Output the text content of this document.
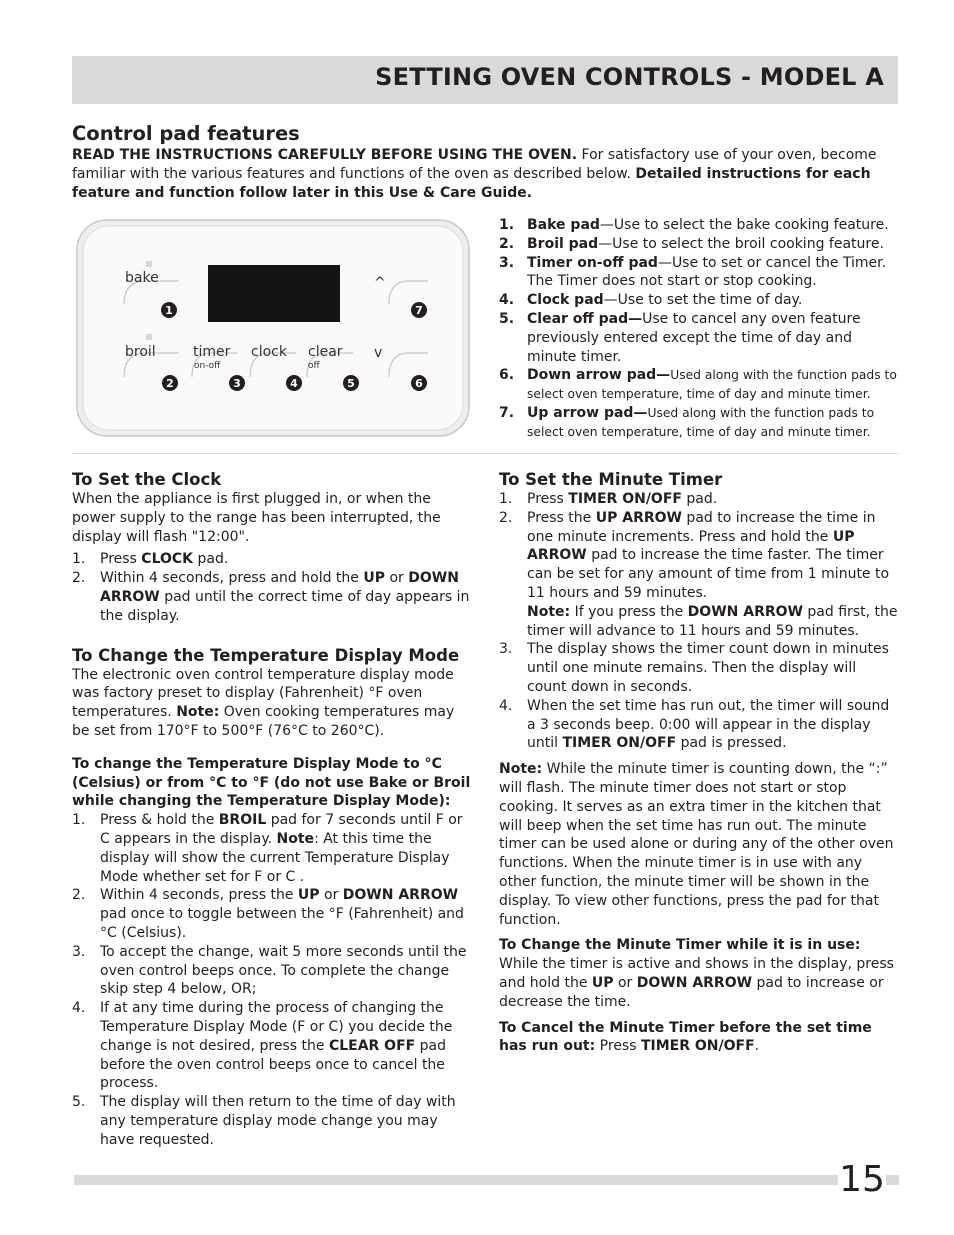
SETTING OVEN CONTROLS - MODEL A
Control pad features

READ THE INSTRUCTIONS CAREFULLY BEFORE USING THE OVEN. For satisfactory use of your oven, become familiar with the various features and functions of the oven as described below. Detailed instructions for each feature and function follow later in this Use & Care Guide.

bake
broil	timer
on-off
clock clear
off
v
^
1
2	3	4	5	6
7
1. Bake pad—Use to select the bake cooking feature.
2. Broil pad—Use to select the broil cooking feature.
3. Timer on-off pad—Use to set or cancel the Timer. The Timer does not start or stop cooking.
4. Clock pad—Use to set the time of day.
5. Clear off pad—Use to cancel any oven feature previously entered except the time of day and minute timer.
6. Down arrow pad—Used along with the function pads to select oven temperature, time of day and minute timer.
7. Up arrow pad—Used along with the function pads to select oven temperature, time of day and minute timer.
To Set the Clock

When the appliance is first plugged in, or when the power supply to the range has been interrupted, the display will flash "12:00".

1. Press CLOCK pad.
2. Within 4 seconds, press and hold the UP or DOWN ARROW pad until the correct time of day appears in the display.
To Change the Temperature Display Mode

The electronic oven control temperature display mode was factory preset to display (Fahrenheit) °F oven temperatures. Note: Oven cooking temperatures may be set from 170°F to 500°F (76°C to 260°C).

To change the Temperature Display Mode to °C (Celsius) or from °C to °F (do not use Bake or Broil while changing the Temperature Display Mode):

1. Press & hold the BROIL pad for 7 seconds until F or C appears in the display. Note: At this time the display will show the current Temperature Display Mode whether set for F or C .
2. Within 4 seconds, press the UP or DOWN ARROW pad once to toggle between the °F (Fahrenheit) and °C (Celsius).
3. To accept the change, wait 5 more seconds until the oven control beeps once. To complete the change skip step 4 below, OR;
4. If at any time during the process of changing the Temperature Display Mode (F or C) you decide the change is not desired, press the CLEAR OFF pad before the oven control beeps once to cancel the process.
5. The display will then return to the time of day with any temperature display mode change you may have requested.
To Set the Minute Timer
1. Press TIMER ON/OFF pad.
2. Press the UP ARROW pad to increase the time in one minute increments. Press and hold the UP ARROW pad to increase the time faster. The timer can be set for any amount of time from 1 minute to 11 hours and 59 minutes.
Note: If you press the DOWN ARROW pad first, the timer will advance to 11 hours and 59 minutes.
3. The display shows the timer count down in minutes until one minute remains. Then the display will count down in seconds.
4. When the set time has run out, the timer will sound a 3 seconds beep. 0:00 will appear in the display until TIMER ON/OFF pad is pressed.

Note: While the minute timer is counting down, the “:” will flash. The minute timer does not start or stop cooking. It serves as an extra timer in the kitchen that will beep when the set time has run out. The minute timer can be used alone or during any of the other oven functions. When the minute timer is in use with any other function, the minute timer will be shown in the display. To view other functions, press the pad for that function.

To Change the Minute Timer while it is in use:

While the timer is active and shows in the display, press and hold the UP or DOWN ARROW pad to increase or decrease the time.

To Cancel the Minute Timer before the set time has run out: Press TIMER ON/OFF.

15
